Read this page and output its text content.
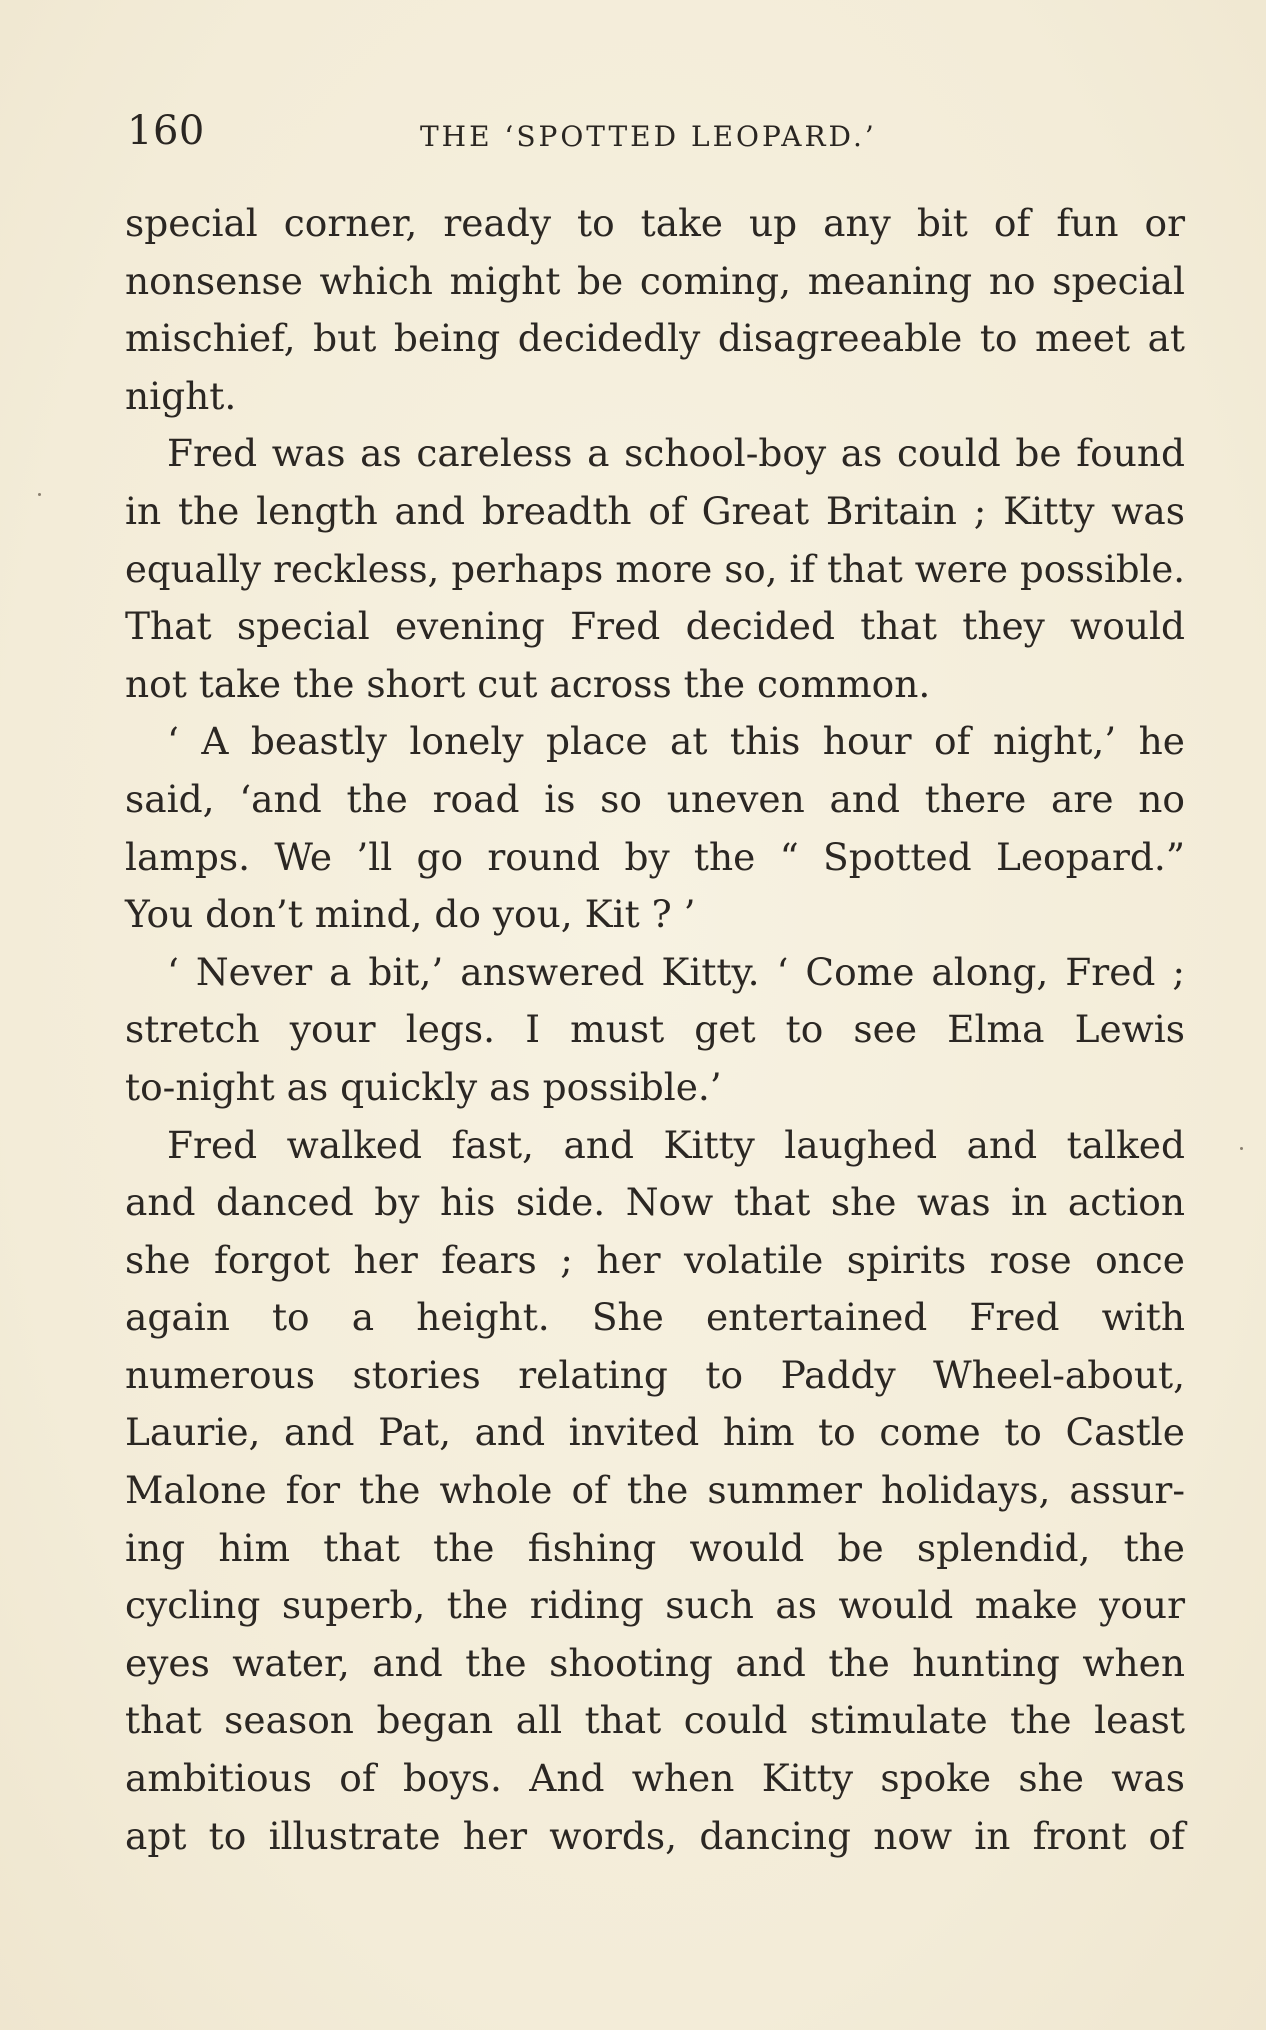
160	THE ‘SPOTTED LEOPARD.’
special corner, ready to take up any bit of fun or
nonsense which might be coming, meaning no special
mischief, but being decidedly disagreeable to meet at
night.
Fred was as careless a school-boy as could be found
in the length and breadth of Great Britain ; Kitty was
equally reckless, perhaps more so, if that were possible.
That special evening Fred decided that they would
not take the short cut across the common.
‘ A beastly lonely place at this hour of night,’ he
said, ‘and the road is so uneven and there are no
lamps. We ’ll go round by the “ Spotted Leopard.”
You don’t mind, do you, Kit ? ’
‘ Never a bit,’ answered Kitty. ‘ Come along, Fred ;
stretch your legs. I must get to see Elma Lewis
to-night as quickly as possible.’
Fred walked fast, and Kitty laughed and talked
and danced by his side. Now that she was in action
she forgot her fears ; her volatile spirits rose once
again to a height. She entertained Fred with
numerous stories relating to Paddy Wheel-about,
Laurie, and Pat, and invited him to come to Castle
Malone for the whole of the summer holidays, assur-
ing him that the fishing would be splendid, the
cycling superb, the riding such as would make your
eyes water, and the shooting and the hunting when
that season began all that could stimulate the least
ambitious of boys. And when Kitty spoke she was
apt to illustrate her words, dancing now in front of
